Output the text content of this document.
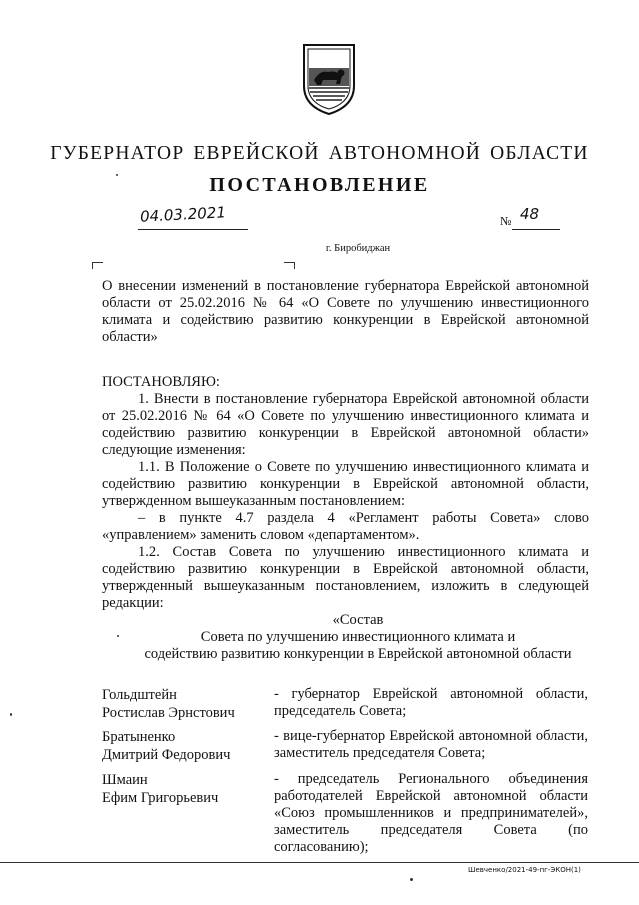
ГУБЕРНАТОР ЕВРЕЙСКОЙ АВТОНОМНОЙ ОБЛАСТИ
ПОСТАНОВЛЕНИЕ
04.03.2021	№ 48
г. Биробиджан

О внесении изменений в постановление губернатора Еврейской автономной

области от 25.02.2016 № 64 «О Совете по улучшению инвестиционного

климата и содействию развитию конкуренции в Еврейской автономной

области»

ПОСТАНОВЛЯЮ:

1. Внести в постановление губернатора Еврейской автономной области от 25.02.2016 № 64 «О Совете по улучшению инвестиционного климата и содействию развитию конкуренции в Еврейской автономной области» следующие изменения:

1.1. В Положение о Совете по улучшению инвестиционного климата и содействию развитию конкуренции в Еврейской автономной области, утвержденном вышеуказанным постановлением:

– в пункте 4.7 раздела 4 «Регламент работы Совета» слово «управлением» заменить словом «департаментом».

1.2. Состав Совета по улучшению инвестиционного климата и содействию развитию конкуренции в Еврейской автономной области, утвержденный вышеуказанным постановлением, изложить в следующей редакции:

«Состав
Совета по улучшению инвестиционного климата и
содействию развитию конкуренции в Еврейской автономной области
Гольдштейн
Ростислав Эрнстович
- губернатор Еврейской автономной области, председатель Совета;
Братыненко
Дмитрий Федорович
- вице-губернатор Еврейской автономной области, заместитель председателя Совета;
Шмаин
Ефим Григорьевич
- председатель Регионального объединения работодателей Еврейской автономной области «Союз промышленников и предпринимателей», заместитель председателя Совета (по согласованию);
Шевченко/2021-49-пг-ЭКОН(1)
